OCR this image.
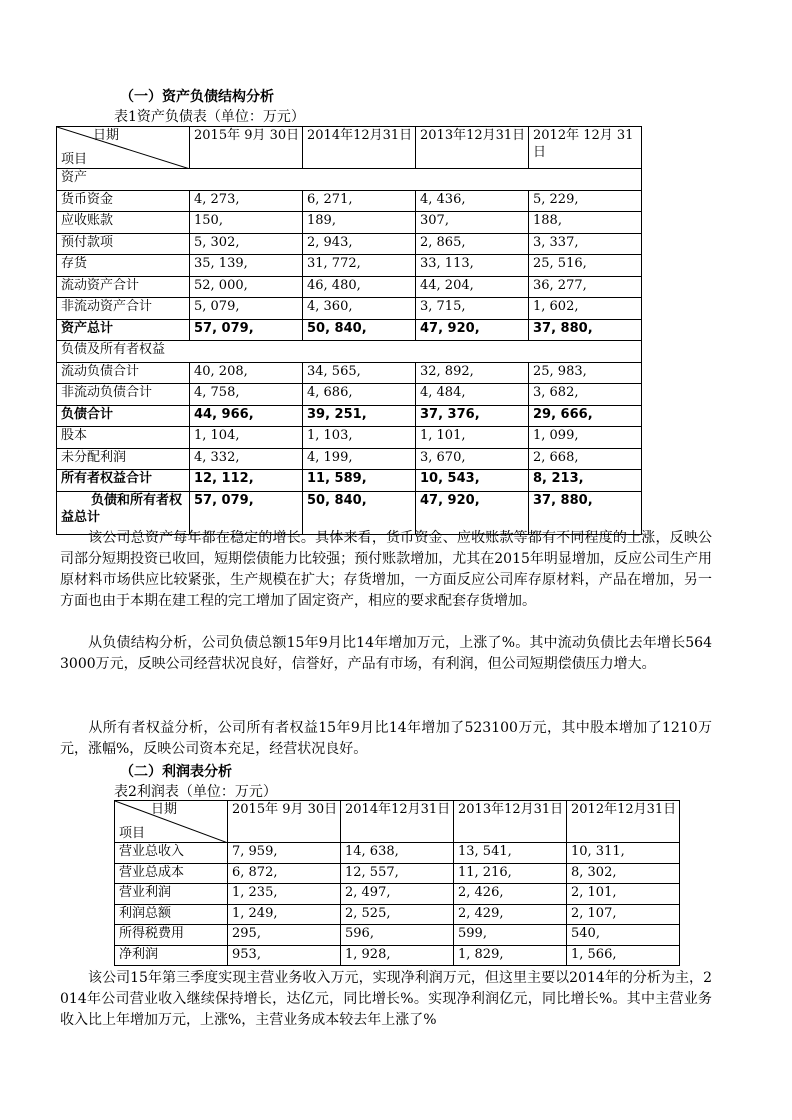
（一）资产负债结构分析
表1资产负债表（单位：万元）
日期
项目	2015年 9月 30日	2014年12月31日	2013年12月31日	2012年 12月 31日
资产				
货币资金	4, 273,	6, 271,	4, 436,	5, 229,
应收账款	150,	189,	307,	188,
预付款项	5, 302,	2, 943,	2, 865,	3, 337,
存货	35, 139,	31, 772,	33, 113,	25, 516,
流动资产合计	52, 000,	46, 480,	44, 204,	36, 277,
非流动资产合计	5, 079,	4, 360,	3, 715,	1, 602,
资产总计	57, 079,	50, 840,	47, 920,	37, 880,
负债及所有者权益				
流动负债合计	40, 208,	34, 565,	32, 892,	25, 983,
非流动负债合计	4, 758,	4, 686,	4, 484,	3, 682,
负债合计	44, 966,	39, 251,	37, 376,	29, 666,
股本	1, 104,	1, 103,	1, 101,	1, 099,
未分配利润	4, 332,	4, 199,	3, 670,	2, 668,
所有者权益合计	12, 112,	11, 589,	10, 543,	8, 213,
负债和所有者权益总计	57, 079,	50, 840,	47, 920,	37, 880,
该公司总资产每年都在稳定的增长。具体来看，货币资金、应收账款等都有不同程度的上涨，反映公司部分短期投资已收回，短期偿债能力比较强；预付账款增加，尤其在2015年明显增加，反应公司生产用原材料市场供应比较紧张，生产规模在扩大；存货增加，一方面反应公司库存原材料，产品在增加，另一方面也由于本期在建工程的完工增加了固定资产，相应的要求配套存货增加。
从负债结构分析，公司负债总额15年9月比14年增加万元，上涨了%。其中流动负债比去年增长5643000万元，反映公司经营状况良好，信誉好，产品有市场，有利润，但公司短期偿债压力增大。
从所有者权益分析，公司所有者权益15年9月比14年增加了523100万元，其中股本增加了1210万元，涨幅%，反映公司资本充足，经营状况良好。
（二）利润表分析
表2利润表（单位：万元）
日期
项目	2015年 9月 30日	2014年12月31日	2013年12月31日	2012年12月31日
营业总收入	7, 959,	14, 638,	13, 541,	10, 311,
营业总成本	6, 872,	12, 557,	11, 216,	8, 302,
营业利润	1, 235,	2, 497,	2, 426,	2, 101,
利润总额	1, 249,	2, 525,	2, 429,	2, 107,
所得税费用	295,	596,	599,	540,
净利润	953,	1, 928,	1, 829,	1, 566,
该公司15年第三季度实现主营业务收入万元，实现净利润万元，但这里主要以2014年的分析为主，2014年公司营业收入继续保持增长，达亿元，同比增长%。实现净利润亿元，同比增长%。其中主营业务收入比上年增加万元，上涨%，主营业务成本较去年上涨了%
